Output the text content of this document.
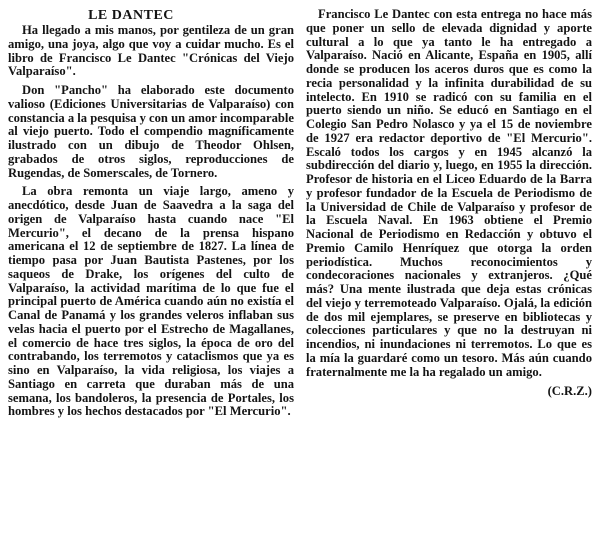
LE DANTEC

Ha llegado a mis manos, por gentileza de un gran amigo, una joya, algo que voy a cuidar mucho. Es el libro de Francisco Le Dantec "Crónicas del Viejo Valparaíso".

Don "Pancho" ha elaborado este documento valioso (Ediciones Universitarias de Valparaíso) con constancia a la pesquisa y con un amor incomparable al viejo puerto. Todo el compendio magníficamente ilustrado con un dibujo de Theodor Ohlsen, grabados de otros siglos, reproducciones de Rugendas, de Somerscales, de Tornero.

La obra remonta un viaje largo, ameno y anecdótico, desde Juan de Saavedra a la saga del origen de Valparaíso hasta cuando nace "El Mercurio", el decano de la prensa hispano americana el 12 de septiembre de 1827. La línea de tiempo pasa por Juan Bautista Pastenes, por los saqueos de Drake, los orígenes del culto de Valparaíso, la actividad marítima de lo que fue el principal puerto de América cuando aún no existía el Canal de Panamá y los grandes veleros inflaban sus velas hacia el puerto por el Estrecho de Magallanes, el comercio de hace tres siglos, la época de oro del contrabando, los terremotos y cataclismos que ya es sino en Valparaíso, la vida religiosa, los viajes a Santiago en carreta que duraban más de una semana, los bandoleros, la presencia de Portales, los hombres y los hechos destacados por "El Mercurio".

Francisco Le Dantec con esta entrega no hace más que poner un sello de elevada dignidad y aporte cultural a lo que ya tanto le ha entregado a Valparaíso. Nació en Alicante, España en 1905, allí donde se producen los aceros duros que es como la recia personalidad y la infinita durabilidad de su intelecto. En 1910 se radicó con su familia en el puerto siendo un niño. Se educó en Santiago en el Colegio San Pedro Nolasco y ya el 15 de noviembre de 1927 era redactor deportivo de "El Mercurio". Escaló todos los cargos y en 1945 alcanzó la subdirección del diario y, luego, en 1955 la dirección. Profesor de historia en el Liceo Eduardo de la Barra y profesor fundador de la Escuela de Periodismo de la Universidad de Chile de Valparaíso y profesor de la Escuela Naval. En 1963 obtiene el Premio Nacional de Periodismo en Redacción y obtuvo el Premio Camilo Henríquez que otorga la orden periodística. Muchos reconocimientos y condecoraciones nacionales y extranjeros. ¿Qué más? Una mente ilustrada que deja estas crónicas del viejo y terremoteado Valparaíso. Ojalá, la edición de dos mil ejemplares, se preserve en bibliotecas y colecciones particulares y que no la destruyan ni incendios, ni inundaciones ni terremotos. Lo que es la mía la guardaré como un tesoro. Más aún cuando fraternalmente me la ha regalado un amigo.

(C.R.Z.)
